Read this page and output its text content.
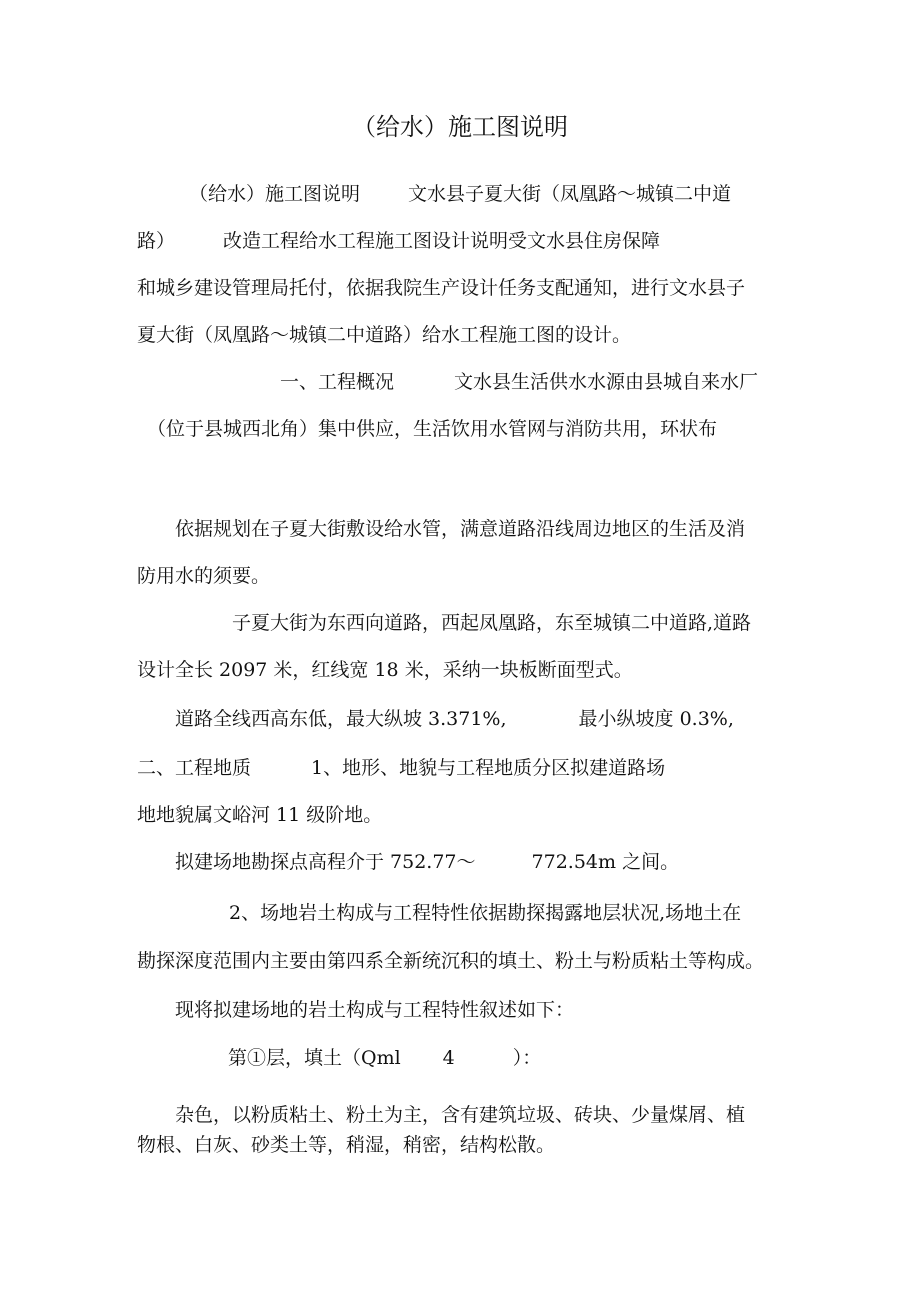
（给水）施工图说明
（给水）施工图说明	文水县子夏大街（凤凰路～城镇二中道
路）	改造工程给水工程施工图设计说明受文水县住房保障
和城乡建设管理局托付，依据我院生产设计任务支配通知，进行文水县子
夏大街（凤凰路～城镇二中道路）给水工程施工图的设计。
一、工程概况	文水县生活供水水源由县城自来水厂
（位于县城西北角）集中供应，生活饮用水管网与消防共用，环状布
依据规划在子夏大街敷设给水管，满意道路沿线周边地区的生活及消
防用水的须要。
子夏大街为东西向道路，西起凤凰路，东至城镇二中道路,道路
设计全长 2097 米，红线宽 18 米，采纳一块板断面型式。
道路全线西高东低，最大纵坡 3.371%,	最小纵坡度 0.3%,
二、工程地质	1、地形、地貌与工程地质分区拟建道路场
地地貌属文峪河 11 级阶地。
拟建场地勘探点高程介于 752.77～	772.54m 之间。
2、场地岩土构成与工程特性依据勘探揭露地层状况,场地土在
勘探深度范围内主要由第四系全新统沉积的填土、粉土与粉质粘土等构成。
现将拟建场地的岩土构成与工程特性叙述如下：
第①层，填土（Qml 4	）：
杂色，以粉质粘土、粉土为主，含有建筑垃圾、砖块、少量煤屑、植
物根、白灰、砂类土等，稍湿，稍密，结构松散。
